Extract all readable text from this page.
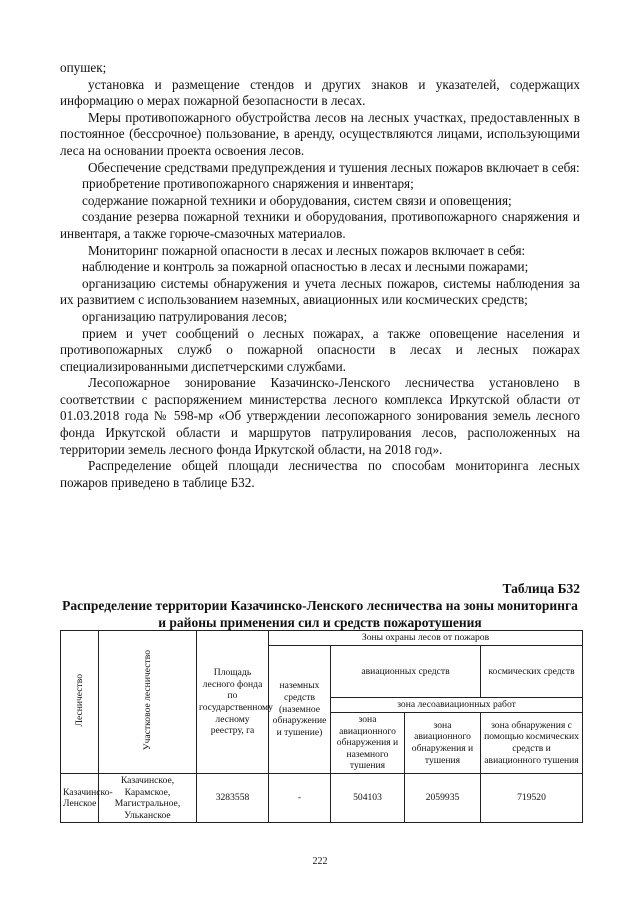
опушек;

установка и размещение стендов и других знаков и указателей, содержащих информацию о мерах пожарной безопасности в лесах.

Меры противопожарного обустройства лесов на лесных участках, предоставленных в постоянное (бессрочное) пользование, в аренду, осуществляются лицами, использующими леса на основании проекта освоения лесов.

Обеспечение средствами предупреждения и тушения лесных пожаров включает в себя:

приобретение противопожарного снаряжения и инвентаря;

содержание пожарной техники и оборудования, систем связи и оповещения;

создание резерва пожарной техники и оборудования, противопожарного снаряжения и инвентаря, а также горюче-смазочных материалов.

Мониторинг пожарной опасности в лесах и лесных пожаров включает в себя:

наблюдение и контроль за пожарной опасностью в лесах и лесными пожарами;

организацию системы обнаружения и учета лесных пожаров, системы наблюдения за их развитием с использованием наземных, авиационных или космических средств;

организацию патрулирования лесов;

прием и учет сообщений о лесных пожарах, а также оповещение населения и противопожарных служб о пожарной опасности в лесах и лесных пожарах специализированными диспетчерскими службами.

Лесопожарное зонирование Казачинско-Ленского лесничества установлено в соответствии с распоряжением министерства лесного комплекса Иркутской области от 01.03.2018 года № 598-мр «Об утверждении лесопожарного зонирования земель лесного фонда Иркутской области и маршрутов патрулирования лесов, расположенных на территории земель лесного фонда Иркутской области, на 2018 год».

Распределение общей площади лесничества по способам мониторинга лесных пожаров приведено в таблице Б32.

Таблица Б32
Распределение территории Казачинско-Ленского лесничества на зоны мониторинга и районы применения сил и средств пожаротушения
Лесничество	Участковое лесничество	Площадь лесного фонда по государственному лесному реестру, га	Зоны охраны лесов от пожаров			
			наземных средств (наземное обнаружение и тушение)	авиационных средств		космических средств
				зона лесоавиационных работ		
				зона авиационного обнаружения и наземного тушения	зона авиационного обнаружения и тушения	зона обнаружения с помощью космических средств и авиационного тушения
Казачинско-Ленское	Казачинское, Карамское, Магистральное, Ульканское	3283558	-	504103	2059935	719520
222
